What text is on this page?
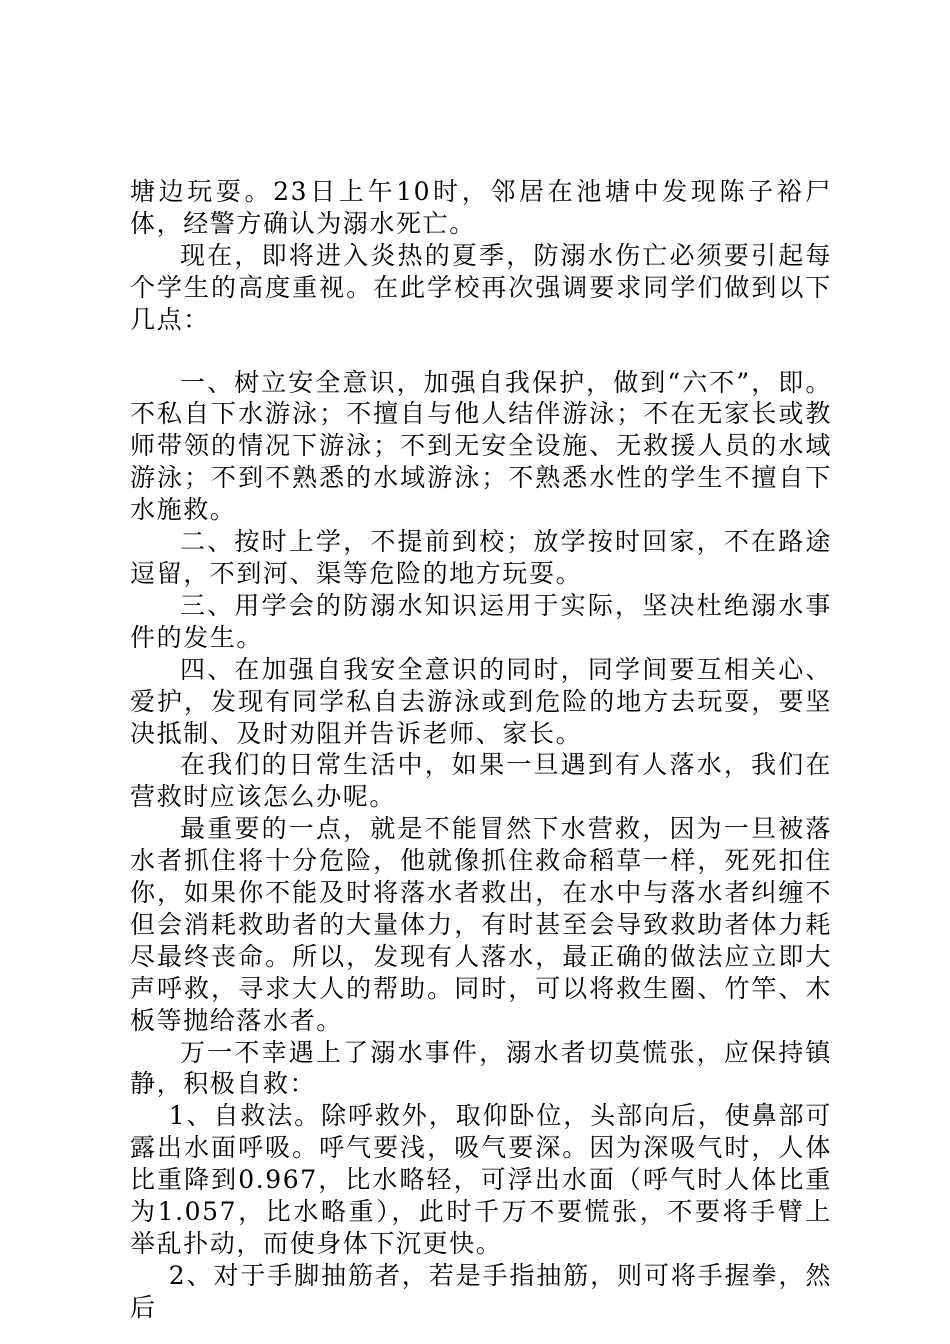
塘边玩耍。23日上午10时，邻居在池塘中发现陈子裕尸体，经警方确认为溺水死亡。

现在，即将进入炎热的夏季，防溺水伤亡必须要引起每个学生的高度重视。在此学校再次强调要求同学们做到以下几点：

一、树立安全意识，加强自我保护，做到“六不”，即。不私自下水游泳；不擅自与他人结伴游泳；不在无家长或教师带领的情况下游泳；不到无安全设施、无救援人员的水域游泳；不到不熟悉的水域游泳；不熟悉水性的学生不擅自下水施救。

二、按时上学，不提前到校；放学按时回家，不在路途逗留，不到河、渠等危险的地方玩耍。

三、用学会的防溺水知识运用于实际，坚决杜绝溺水事件的发生。

四、在加强自我安全意识的同时，同学间要互相关心、爱护，发现有同学私自去游泳或到危险的地方去玩耍，要坚决抵制、及时劝阻并告诉老师、家长。

在我们的日常生活中，如果一旦遇到有人落水，我们在营救时应该怎么办呢。

最重要的一点，就是不能冒然下水营救，因为一旦被落水者抓住将十分危险，他就像抓住救命稻草一样，死死扣住你，如果你不能及时将落水者救出，在水中与落水者纠缠不但会消耗救助者的大量体力，有时甚至会导致救助者体力耗尽最终丧命。所以，发现有人落水，最正确的做法应立即大声呼救，寻求大人的帮助。同时，可以将救生圈、竹竿、木板等抛给落水者。

万一不幸遇上了溺水事件，溺水者切莫慌张，应保持镇静，积极自救：

1、自救法。除呼救外，取仰卧位，头部向后，使鼻部可露出水面呼吸。呼气要浅，吸气要深。因为深吸气时，人体比重降到0.967，比水略轻，可浮出水面（呼气时人体比重为1.057，比水略重），此时千万不要慌张，不要将手臂上举乱扑动，而使身体下沉更快。

2、对于手脚抽筋者，若是手指抽筋，则可将手握拳，然后
